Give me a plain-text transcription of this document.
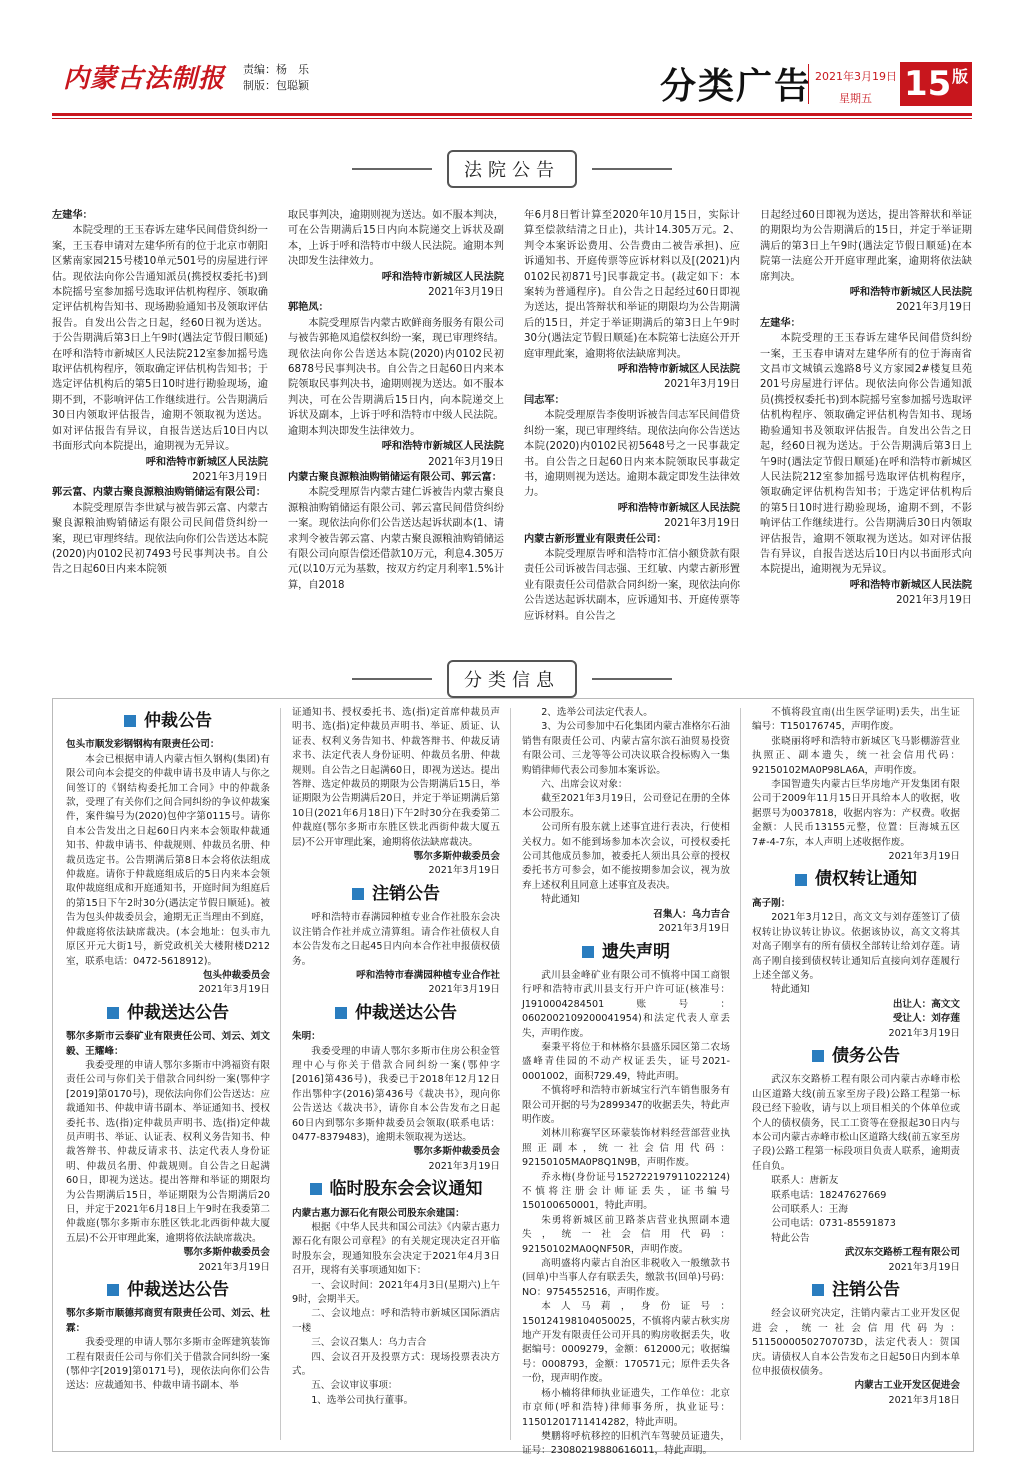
内蒙古法制报 责编：杨　乐
制版：包聪颖	分类广告 2021年3月19日
星期五 15 版
法院公告

左建华：

本院受理的王玉春诉左建华民间借贷纠纷一案，王玉春申请对左建华所有的位于北京市朝阳区紫南家园215号楼10单元501号的房屋进行评估。现依法向你公告通知派员(携授权委托书)到本院摇号室参加摇号选取评估机构程序、领取确定评估机构告知书、现场勘验通知书及领取评估报告。自发出公告之日起，经60日视为送达。于公告期满后第3日上午9时(遇法定节假日顺延)在呼和浩特市新城区人民法院212室参加摇号选取评估机构程序，领取确定评估机构告知书；于选定评估机构后的第5日10时进行勘验现场，逾期不到，不影响评估工作继续进行。公告期满后30日内领取评估报告，逾期不领取视为送达。如对评估报告有异议，自报告送达后10日内以书面形式向本院提出，逾期视为无异议。

呼和浩特市新城区人民法院

2021年3月19日

郭云富、内蒙古聚良源粮油购销储运有限公司：

本院受理原告李世斌与被告郭云富、内蒙古聚良源粮油购销储运有限公司民间借贷纠纷一案，现已审理终结。现依法向你们公告送达本院(2020)内0102民初7493号民事判决书。自公告之日起60日内来本院领

取民事判决，逾期则视为送达。如不服本判决，可在公告期满后15日内向本院递交上诉状及副本，上诉于呼和浩特市中级人民法院。逾期本判决即发生法律效力。

呼和浩特市新城区人民法院

2021年3月19日

郭艳凤：

本院受理原告内蒙古欧鲜商务服务有限公司与被告郭艳凤追偿权纠纷一案，现已审理终结。现依法向你公告送达本院(2020)内0102民初6878号民事判决书。自公告之日起60日内来本院领取民事判决书，逾期则视为送达。如不服本判决，可在公告期满后15日内，向本院递交上诉状及副本，上诉于呼和浩特市中级人民法院。逾期本判决即发生法律效力。

呼和浩特市新城区人民法院

2021年3月19日

内蒙古聚良源粮油购销储运有限公司、郭云富：

本院受理原告内蒙古建仁诉被告内蒙古聚良源粮油购销储运有限公司、郭云富民间借贷纠纷一案。现依法向你们公告送达起诉状副本(1、请求判令被告郭云富、内蒙古聚良源粮油购销储运有限公司向原告偿还借款10万元，利息4.305万元(以10万元为基数，按双方约定月利率1.5%计算，自2018

年6月8日暂计算至2020年10月15日，实际计算至偿款结清之日止)，共计14.305万元。2、判令本案诉讼费用、公告费由二被告承担)、应诉通知书、开庭传票等应诉材料以及[(2021)内0102民初871号]民事裁定书。(裁定如下：本案转为普通程序)。自公告之日起经过60日即视为送达，提出答辩状和举证的期限均为公告期满后的15日，并定于举证期满后的第3日上午9时30分(遇法定节假日顺延)在本院第七法庭公开开庭审理此案，逾期将依法缺席判决。

呼和浩特市新城区人民法院

2021年3月19日

闫志军：

本院受理原告李俊明诉被告闫志军民间借贷纠纷一案，现已审理终结。现依法向你公告送达本院(2020)内0102民初5648号之一民事裁定书。自公告之日起60日内来本院领取民事裁定书，逾期则视为送达。逾期本裁定即发生法律效力。

呼和浩特市新城区人民法院

2021年3月19日

内蒙古新形置业有限责任公司：

本院受理原告呼和浩特市汇信小额贷款有限责任公司诉被告闫志强、王红敏、内蒙古新形置业有限责任公司借款合同纠纷一案，现依法向你公告送达起诉状副本，应诉通知书、开庭传票等应诉材料。自公告之

日起经过60日即视为送达，提出答辩状和举证的期限均为公告期满后的15日，并定于举证期满后的第3日上午9时(遇法定节假日顺延)在本院第一法庭公开开庭审理此案，逾期将依法缺席判决。

呼和浩特市新城区人民法院

2021年3月19日

左建华：

本院受理的王玉春诉左建华民间借贷纠纷一案，王玉春申请对左建华所有的位于海南省文昌市文城镇云逸路8号义方家园2#楼复旦苑201号房屋进行评估。现依法向你公告通知派员(携授权委托书)到本院摇号室参加摇号选取评估机构程序、领取确定评估机构告知书、现场勘验通知书及领取评估报告。自发出公告之日起，经60日视为送达。于公告期满后第3日上午9时(遇法定节假日顺延)在呼和浩特市新城区人民法院212室参加摇号选取评估机构程序，领取确定评估机构告知书；于选定评估机构后的第5日10时进行勘验现场，逾期不到，不影响评估工作继续进行。公告期满后30日内领取评估报告，逾期不领取视为送达。如对评估报告有异议，自报告送达后10日内以书面形式向本院提出，逾期视为无异议。

呼和浩特市新城区人民法院

2021年3月19日

分类信息
仲裁公告

包头市顺发彩钢钢构有限责任公司：

本会已根据申请人内蒙古恒久钢构(集团)有限公司向本会提交的仲裁申请书及申请人与你之间签订的《钢结构委托加工合同》中的仲裁条款，受理了有关你们之间合同纠纷的争议仲裁案件，案件编号为(2020)包仲字第0115号。请你自本公告发出之日起60日内来本会领取仲裁通知书、仲裁申请书、仲裁规则、仲裁员名册、仲裁员选定书。公告期满后第8日本会将依法组成仲裁庭。请你于仲裁庭组成后的5日内来本会领取仲裁庭组成和开庭通知书，开庭时间为组庭后的第15日下午2时30分(遇法定节假日顺延)。被告为包头仲裁委员会，逾期无正当理由不到庭，仲裁庭将依法缺席裁决。(本会地址：包头市九原区开元大街1号，新党政机关大楼附楼D212室，联系电话：0472-5618912)。

包头仲裁委员会

2021年3月19日

仲裁送达公告

鄂尔多斯市云泰矿业有限责任公司、刘云、刘文毅、王耀峰：

我委受理的申请人鄂尔多斯市中鸿福资有限责任公司与你们关于借款合同纠纷一案(鄂仲字[2019]第0170号)，现依法向你们公告送达：应裁通知书、仲裁申请书副本、举证通知书、授权委托书、选(指)定仲裁员声明书、选(指)定仲裁员声明书、举证、认证表、权利义务告知书、仲裁答辩书、仲裁反请求书、法定代表人身份证明、仲裁员名册、仲裁规则。自公告之日起满60日，即视为送达。提出答辩和举证的期限均为公告期满后15日，举证期限为公告期满后20日，并定于2021年6月18日上午9时在我委第二仲裁庭(鄂尔多斯市东胜区铁北北西街仲裁大厦五层)不公开审理此案，逾期将依法缺席裁决。

鄂尔多斯仲裁委员会

2021年3月19日

仲裁送达公告

鄂尔多斯市顺德邦商贸有限责任公司、刘云、杜霖：

我委受理的申请人鄂尔多斯市金晖建筑装饰工程有限责任公司与你们关于借款合同纠纷一案(鄂仲字[2019]第0171号)，现依法向你们公告送达：应裁通知书、仲裁申请书副本、举

证通知书、授权委托书、选(指)定首席仲裁员声明书、选(指)定仲裁员声明书、举证、质证、认证表、权利义务告知书、仲裁答辩书、仲裁反请求书、法定代表人身份证明、仲裁员名册、仲裁规则。自公告之日起满60日，即视为送达。提出答辩、选定仲裁员的期限为公告期满后15日，举证期限为公告期满后20日，并定于举证期满后第10日(2021年6月18日)下午2时30分在我委第二仲裁庭(鄂尔多斯市东胜区铁北西街仲裁大厦五层)不公开审理此案，逾期将依法缺席裁决。

鄂尔多斯仲裁委员会

2021年3月19日

注销公告

呼和浩特市春满园种植专业合作社股东会决议注销合作社并成立清算组。请合作社债权人自本公告发布之日起45日内向本合作社申报债权债务。

呼和浩特市春满园种植专业合作社

2021年3月19日

仲裁送达公告

朱明：

我委受理的申请人鄂尔多斯市住房公积金管理中心与你关于借款合同纠纷一案(鄂仲字[2016]第436号)，我委已于2018年12月12日作出鄂仲字(2016)第436号《裁决书》，现向你公告送达《裁决书》，请你自本公告发布之日起60日内到鄂尔多斯仲裁委员会领取(联系电话：0477-8379483)，逾期未领取视为送达。

鄂尔多斯仲裁委员会

2021年3月19日

临时股东会会议通知

内蒙古惠力源石化有限公司股东余建国：

根据《中华人民共和国公司法》《内蒙古惠力源石化有限公司章程》的有关规定现决定召开临时股东会，现通知股东会决定于2021年4月3日召开，现将有关事项通知如下：

一、会议时间：2021年4月3日(星期六)上午9时，会期半天。

二、会议地点：呼和浩特市新城区国际酒店一楼

三、会议召集人：乌力吉合

四、会议召开及投票方式：现场投票表决方式。

五、会议审议事项：

1、选举公司执行董事。

2、选举公司法定代表人。

3、为公司参加中石化集团内蒙古准格尔石油销售有限责任公司、内蒙古富尔滨石油贸易投资有限公司、三龙等等公司决议联合投标购入一集购销律师代表公司参加本案诉讼。

六、出席会议对象：

截至2021年3月19日，公司登记在册的全体本公司股东。

公司所有股东就上述事宜进行表决，行使相关权力。如不能到场参加本次会议，可授权委托公司其他成员参加，被委托人须出具公章的授权委托书方可参会，如不能按期参加会议，视为放弃上述权利且同意上述事宜及表决。

特此通知

召集人：乌力吉合

2021年3月19日

遗失声明

武川县金峰矿业有限公司不慎将中国工商银行呼和浩特市武川县支行开户许可证(核准号：J1910004284501账号：0602002109200041954)和法定代表人章丢失，声明作废。

秦秉平将位于和林格尔县盛乐园区第二农场盛峰青佳园的不动产权证丢失，证号2021-0001002，面积729.49，特此声明。

不慎将呼和浩特市新城宝行汽车销售服务有限公司开据的号为2899347的收据丢失，特此声明作废。

刘林川称赛罕区环蒙装饰材料经营部营业执照正副本，统一社会信用代码：92150105MA0P8Q1N9B，声明作废。

乔永梅(身份证号152722197911022124)不慎将注册会计师证丢失，证书编号150100650001，特此声明。

朱勇将新城区前卫路茶店营业执照副本遗失，统一社会信用代码：92150102MA0QNF50R，声明作废。

高明盛将内蒙古自治区非税收入一般缴款书(回单)中当事人存有联丢失，缴款书(回单)号码：NO：9754552516，声明作废。

本人马莉，身份证号：150124198104050025，不慎将内蒙古秋实房地产开发有限责任公司开具的购房收据丢失，收据编号：0009279，金额：612000元；收据编号：0008793，金额：170571元；原件丢失各一份，现声明作废。

杨小楠将律师执业证遗失，工作单位：北京市京师(呼和浩特)律师事务所，执业证号：11501201711414282，特此声明。

樊鹏将呼杭移控的旧机汽车驾驶员证遗失，证号：23080219880616011，特此声明。

不慎将段宜南(出生医学证明)丢失，出生证编号：T150176745，声明作废。

张晓丽将呼和浩特市新城区飞马影棚游营业执照正、副本遗失，统一社会信用代码：92150102MA0P98LA6A，声明作废。

李国智遗失内蒙古巨华房地产开发集团有限公司于2009年11月15日开具给本人的收据，收据票号为0037818，收据内容为：产权费。收据金额：人民币13155元整，位置：巨海城五区7#-4-7东，本人声明上述收据作废。

2021年3月19日

债权转让通知

高子刚：

2021年3月12日，高文文与刘存莲签订了债权转让协议转让协议。依据该协议，高文文将其对高子刚享有的所有债权全部转让给刘存莲。请高子刚自接到债权转让通知后直接向刘存莲履行上述全部义务。

特此通知

出让人：高文文

受让人：刘存莲

2021年3月19日

债务公告

武汉东交路桥工程有限公司内蒙古赤峰市松山区道路大线(前五家至房子段)公路工程第一标段已经下验收，请与以上项目相关的个体单位或个人的债权债务，民工工资等在登报起30日内与本公司内蒙古赤峰市松山区道路大线(前五家至房子段)公路工程第一标段项目负责人联系，逾期责任自负。

联系人：唐新友

联系电话：18247627669

公司联系人：王海

公司电话：0731-85591873

特此公告

武汉东交路桥工程有限公司

2021年3月19日

注销公告

经会议研究决定，注销内蒙古工业开发区促进会，统一社会信用代码为：51150000502707073D，法定代表人：贺国庆。请债权人自本公告发布之日起50日内到本单位申报债权债务。

内蒙古工业开发区促进会

2021年3月18日
